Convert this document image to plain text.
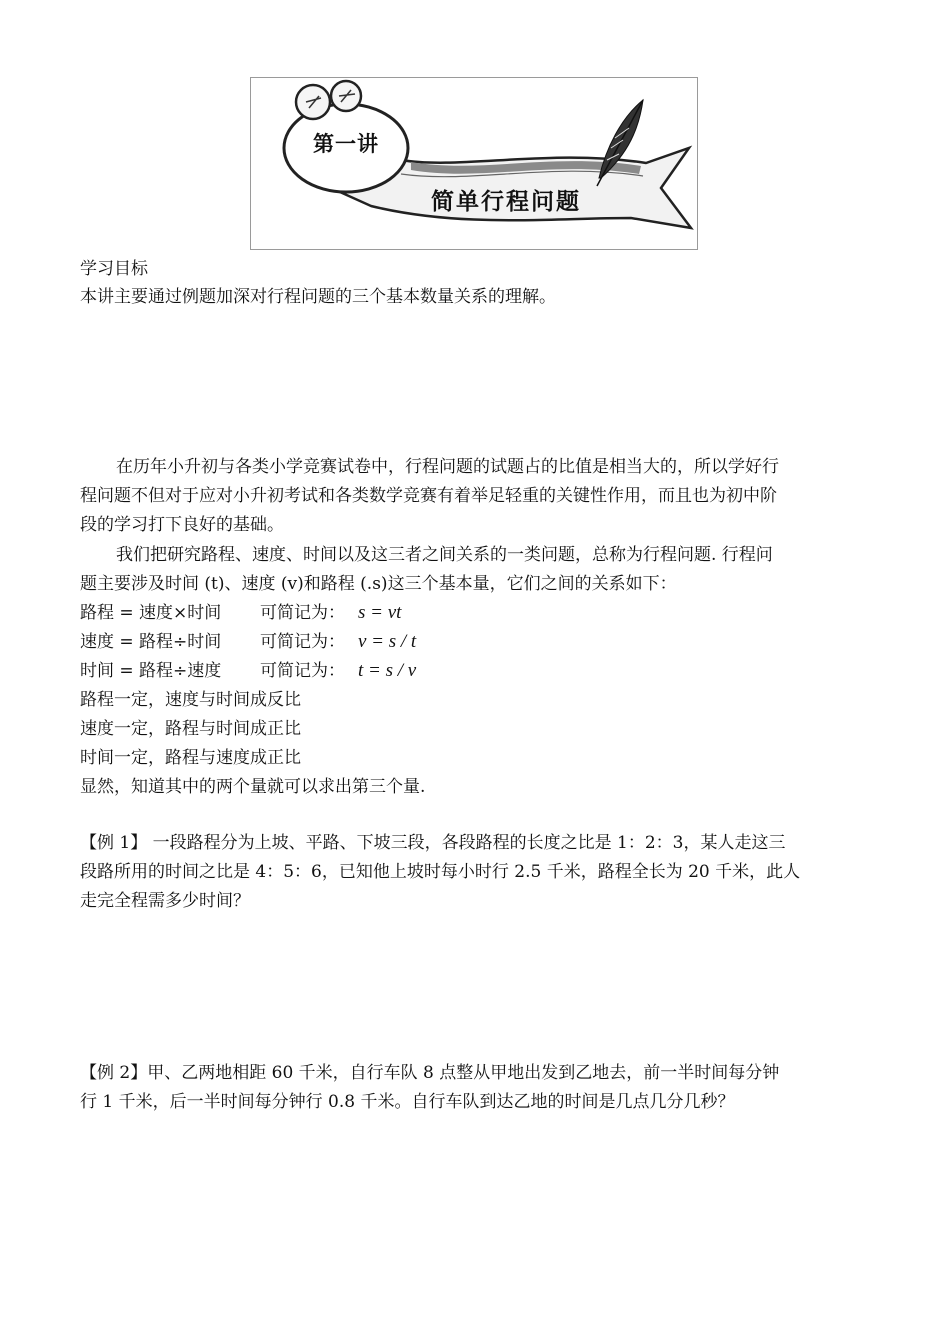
第一讲
简单行程问题
学习目标
本讲主要通过例题加深对行程问题的三个基本数量关系的理解。
在历年小升初与各类小学竞赛试卷中，行程问题的试题占的比值是相当大的，所以学好行
程问题不但对于应对小升初考试和各类数学竞赛有着举足轻重的关键性作用，而且也为初中阶
段的学习打下良好的基础。
我们把研究路程、速度、时间以及这三者之间关系的一类问题，总称为行程问题. 行程问
题主要涉及时间 (t)、速度 (v)和路程 (.s)这三个基本量，它们之间的关系如下：
路程 = 速度×时间 可简记为： s = vt
速度 = 路程÷时间 可简记为： v = s / t
时间 = 路程÷速度 可简记为： t = s / v
路程一定，速度与时间成反比
速度一定，路程与时间成正比
时间一定，路程与速度成正比
显然，知道其中的两个量就可以求出第三个量.
【例 1】 一段路程分为上坡、平路、下坡三段，各段路程的长度之比是 1：2：3，某人走这三
段路所用的时间之比是 4：5：6，已知他上坡时每小时行 2.5 千米，路程全长为 20 千米，此人
走完全程需多少时间？
【例 2】甲、乙两地相距 60 千米，自行车队 8 点整从甲地出发到乙地去，前一半时间每分钟
行 1 千米，后一半时间每分钟行 0.8 千米。自行车队到达乙地的时间是几点几分几秒？
